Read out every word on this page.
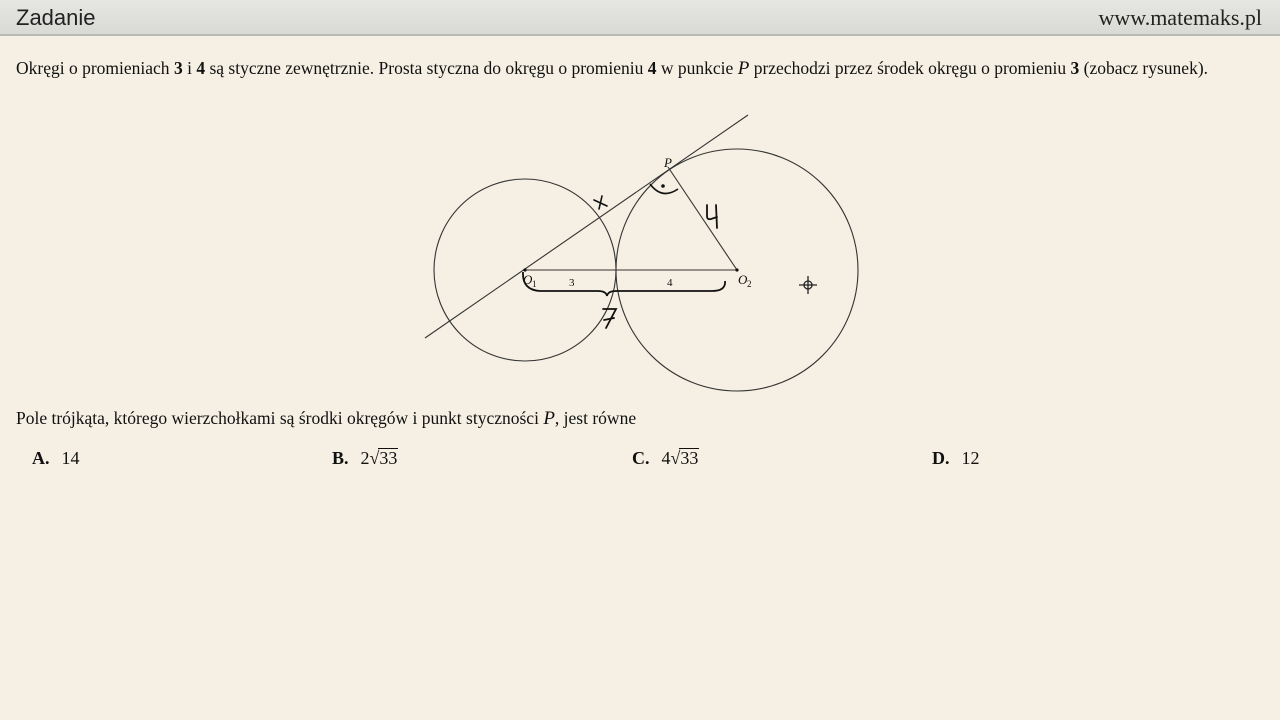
Zadanie	www.matemaks.pl
Okręgi o promieniach 3 i 4 są styczne zewnętrznie. Prosta styczna do okręgu o promieniu 4 w punkcie P przechodzi przez środek okręgu o promieniu 3 (zobacz rysunek).
P
O 1	O 2
3	4
Pole trójkąta, którego wierzchołkami są środki okręgów i punkt styczności P, jest równe
A. 14	B. 2√33	C. 4√33	D. 12
